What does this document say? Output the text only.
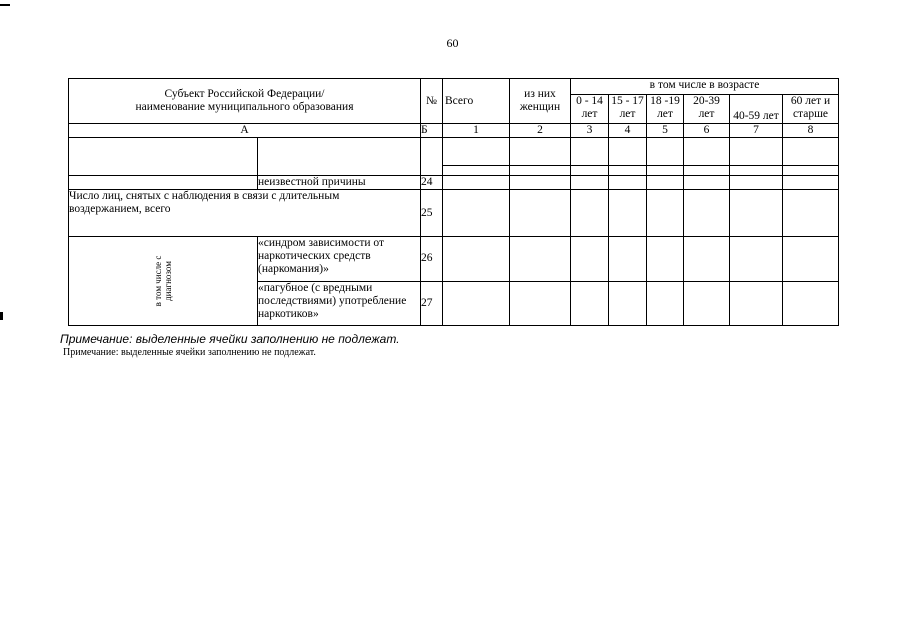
60
Субъект Российской Федерации/ наименование муниципального образования		№	Всего	из них женщин	в том числе в возрасте					
					0 - 14 лет	15 - 17 лет	18 -19 лет	20-39 лет	40-59 лет	60 лет и старше
А		Б	1	2	3	4	5	6	7	8

	неизвестной причины	24								
Число лиц, снятых с наблюдения в связи с длительным воздержанием, всего		25								

в том числе с диагнозом	«синдром зависимости от наркотических средств (наркомания)»	26								
	«пагубное (с вредными последствиями) употребление наркотиков»	27								
Примечание: выделенные ячейки заполнению не подлежат.
Примечание: выделенные ячейки заполнению не подлежат.
